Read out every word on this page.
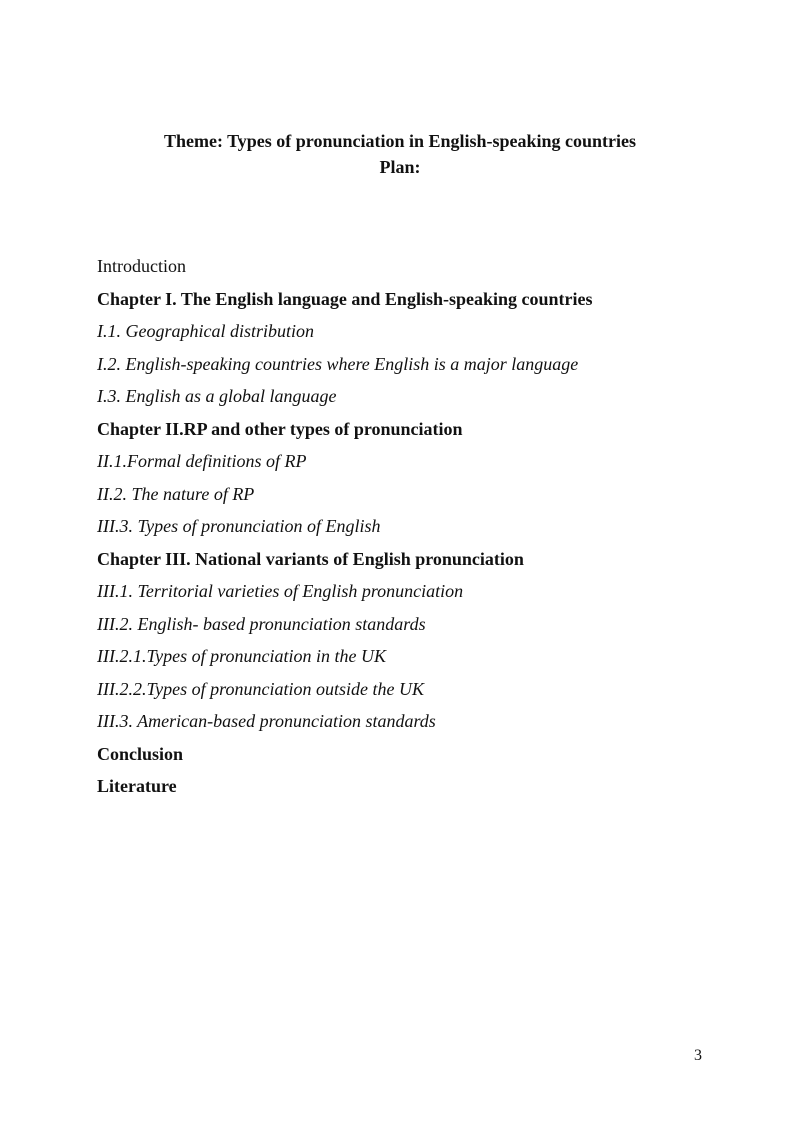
Theme: Types of pronunciation in English-speaking countries
Plan:
Introduction
Chapter I. The English language and English-speaking countries
I.1. Geographical distribution
I.2. English-speaking countries where English is a major language
I.3. English as a global language
Chapter II.RP and other types of pronunciation
II.1.Formal definitions of RP
II.2. The nature of RP
III.3. Types of pronunciation of English
Chapter III. National variants of English pronunciation
III.1. Territorial varieties of English pronunciation
III.2. English- based pronunciation standards
III.2.1.Types of pronunciation in the UK
III.2.2.Types of pronunciation outside the UK
III.3. American-based pronunciation standards
Conclusion
Literature
3
